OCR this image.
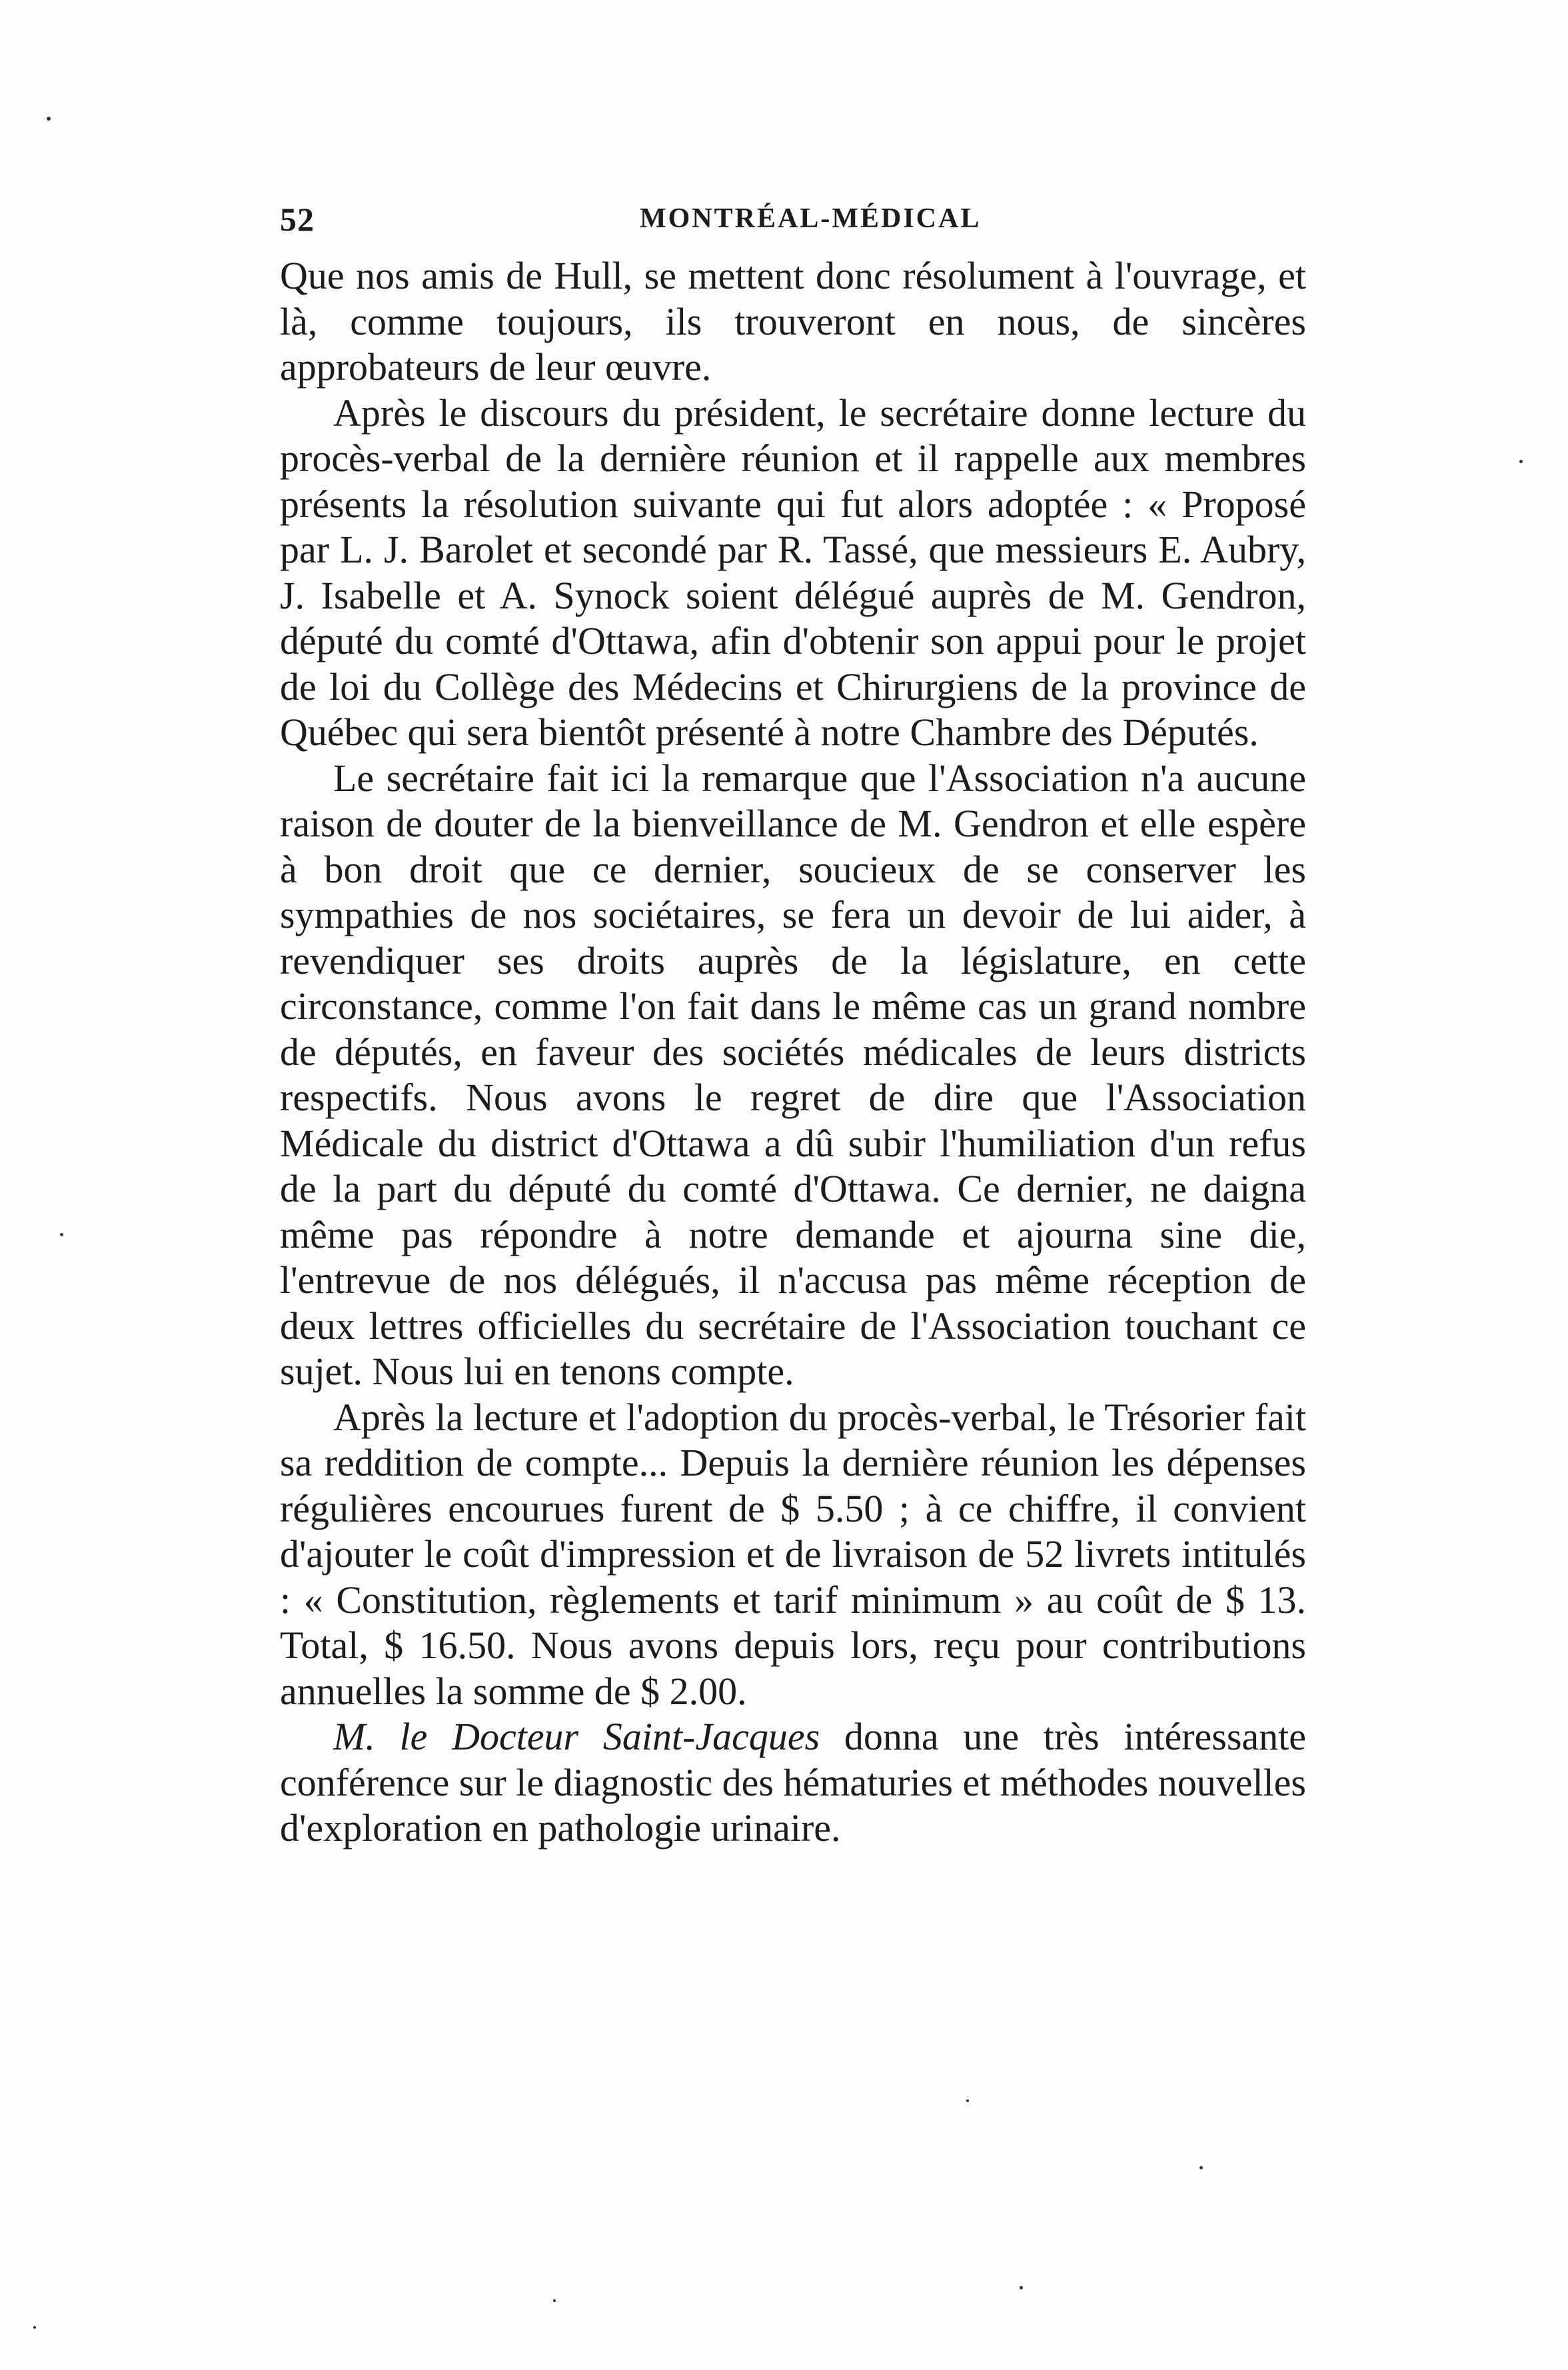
52	MONTRÉAL-MÉDICAL

Que nos amis de Hull, se mettent donc résolument à l'ouvrage, et là, comme toujours, ils trouveront en nous, de sincères approbateurs de leur œuvre.

Après le discours du président, le secrétaire donne lecture du procès-verbal de la dernière réunion et il rappelle aux membres présents la résolution suivante qui fut alors adoptée : « Proposé par L. J. Barolet et secondé par R. Tassé, que messieurs E. Aubry, J. Isabelle et A. Synock soient délégué auprès de M. Gendron, député du comté d'Ottawa, afin d'obtenir son appui pour le projet de loi du Collège des Médecins et Chirurgiens de la province de Québec qui sera bientôt présenté à notre Chambre des Députés.

Le secrétaire fait ici la remarque que l'Association n'a aucune raison de douter de la bienveillance de M. Gendron et elle espère à bon droit que ce dernier, soucieux de se conserver les sympathies de nos sociétaires, se fera un devoir de lui aider, à revendiquer ses droits auprès de la législature, en cette circonstance, comme l'on fait dans le même cas un grand nombre de députés, en faveur des sociétés médicales de leurs districts respectifs. Nous avons le regret de dire que l'Association Médicale du district d'Ottawa a dû subir l'humiliation d'un refus de la part du député du comté d'Ottawa. Ce dernier, ne daigna même pas répondre à notre demande et ajourna sine die, l'entrevue de nos délégués, il n'accusa pas même réception de deux lettres officielles du secrétaire de l'Association touchant ce sujet. Nous lui en tenons compte.

Après la lecture et l'adoption du procès-verbal, le Trésorier fait sa reddition de compte... Depuis la dernière réunion les dépenses régulières encourues furent de $ 5.50 ; à ce chiffre, il convient d'ajouter le coût d'impression et de livraison de 52 livrets intitulés : « Constitution, règlements et tarif minimum » au coût de $ 13. Total, $ 16.50. Nous avons depuis lors, reçu pour contributions annuelles la somme de $ 2.00.

M. le Docteur Saint-Jacques donna une très intéressante conférence sur le diagnostic des hématuries et méthodes nouvelles d'exploration en pathologie urinaire.
